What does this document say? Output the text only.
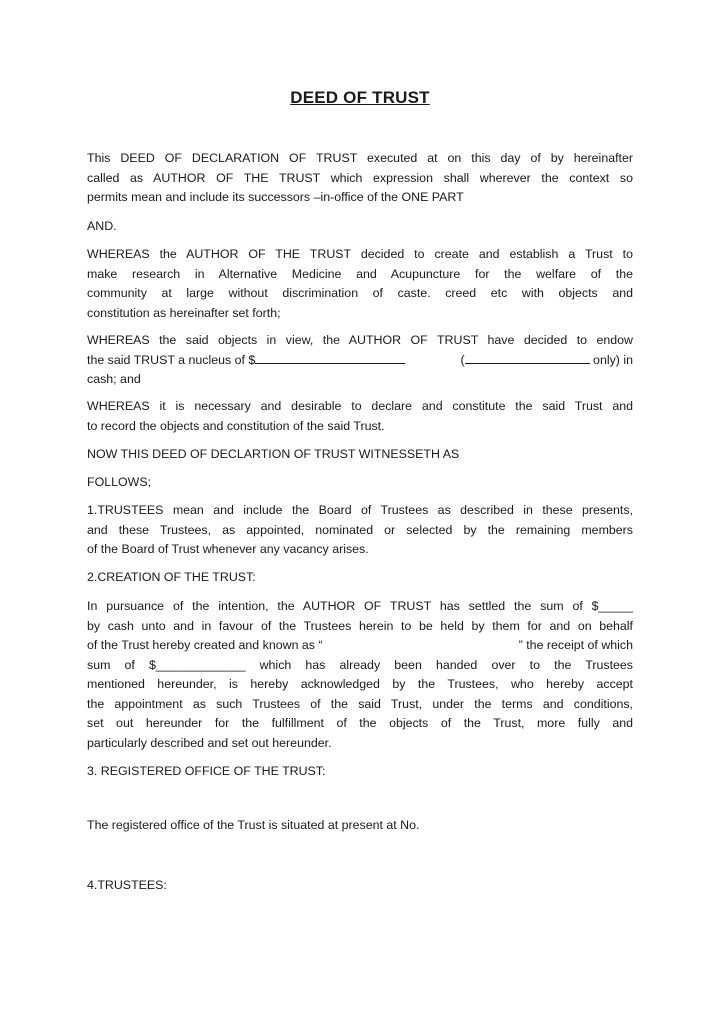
DEED OF TRUST
This DEED OF DECLARATION OF TRUST executed at on this day of by hereinafter
called as AUTHOR OF THE TRUST which expression shall wherever the context so
permits mean and include its successors –in-office of the ONE PART
AND.
WHEREAS the AUTHOR OF THE TRUST decided to create and establish a Trust to
make research in Alternative Medicine and Acupuncture for the welfare of the
community at large without discrimination of caste. creed etc with objects and
constitution as hereinafter set forth;
WHEREAS the said objects in view, the AUTHOR OF TRUST have decided to endow
the said TRUST a nucleus of $	(	only) in
cash; and
WHEREAS it is necessary and desirable to declare and constitute the said Trust and
to record the objects and constitution of the said Trust.
NOW THIS DEED OF DECLARTION OF TRUST WITNESSETH AS
FOLLOWS;
1.TRUSTEES mean and include the Board of Trustees as described in these presents,
and these Trustees, as appointed, nominated or selected by the remaining members
of the Board of Trust whenever any vacancy arises.
2.CREATION OF THE TRUST:
In pursuance of the intention, the AUTHOR OF TRUST has settled the sum of $_____
by cash unto and in favour of the Trustees herein to be held by them for and on behalf
of the Trust hereby created and known as “	” the receipt of which
sum of $_____________ which has already been handed over to the Trustees
mentioned hereunder, is hereby acknowledged by the Trustees, who hereby accept
the appointment as such Trustees of the said Trust, under the terms and conditions,
set out hereunder for the fulfillment of the objects of the Trust, more fully and
particularly described and set out hereunder.
3. REGISTERED OFFICE OF THE TRUST:
The registered office of the Trust is situated at present at No.
4.TRUSTEES:
